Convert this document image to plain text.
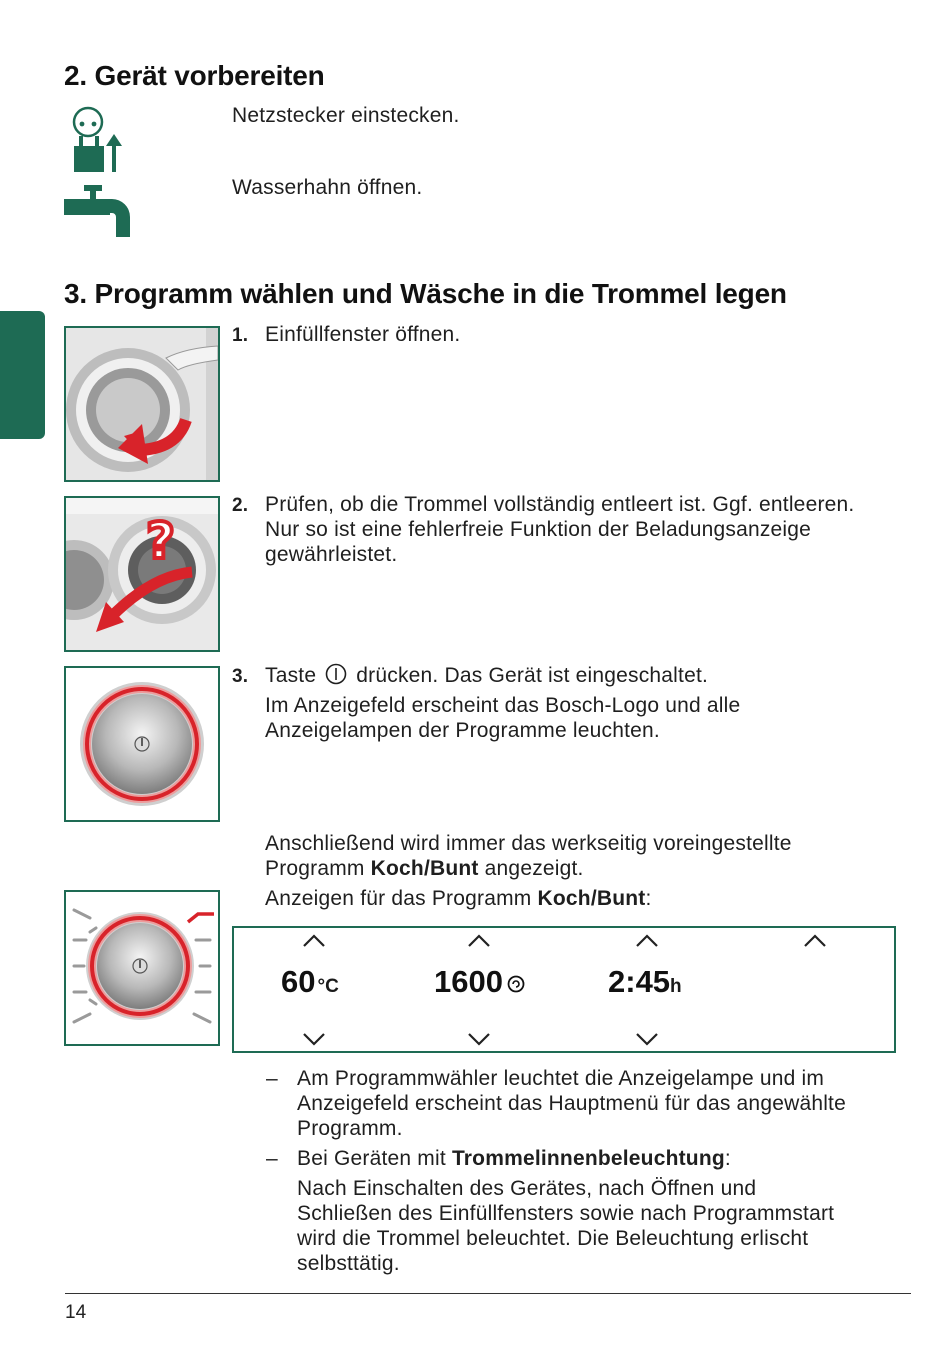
2. Gerät vorbereiten
Netzstecker einstecken.
Wasserhahn öffnen.
3. Programm wählen und Wäsche in die Trommel legen
1. Einfüllfenster öffnen.
?
2. Prüfen, ob die Trommel vollständig entleert ist. Ggf. entleeren.
Nur so ist eine fehlerfreie Funktion der Beladungsanzeige
gewährleistet.
3. Taste drücken. Das Gerät ist eingeschaltet.
Im Anzeigefeld erscheint das Bosch-Logo und alle
Anzeigelampen der Programme leuchten.
Anschließend wird immer das werkseitig voreingestellte
Programm Koch/Bunt angezeigt.
Anzeigen für das Programm Koch/Bunt:
60 °C	1600	2:45h
– Am Programmwähler leuchtet die Anzeigelampe und im
Anzeigefeld erscheint das Hauptmenü für das angewählte
Programm.
– Bei Geräten mit Trommelinnenbeleuchtung:
Nach Einschalten des Gerätes, nach Öffnen und
Schließen des Einfüllfensters sowie nach Programmstart
wird die Trommel beleuchtet. Die Beleuchtung erlischt
selbsttätig.
14
